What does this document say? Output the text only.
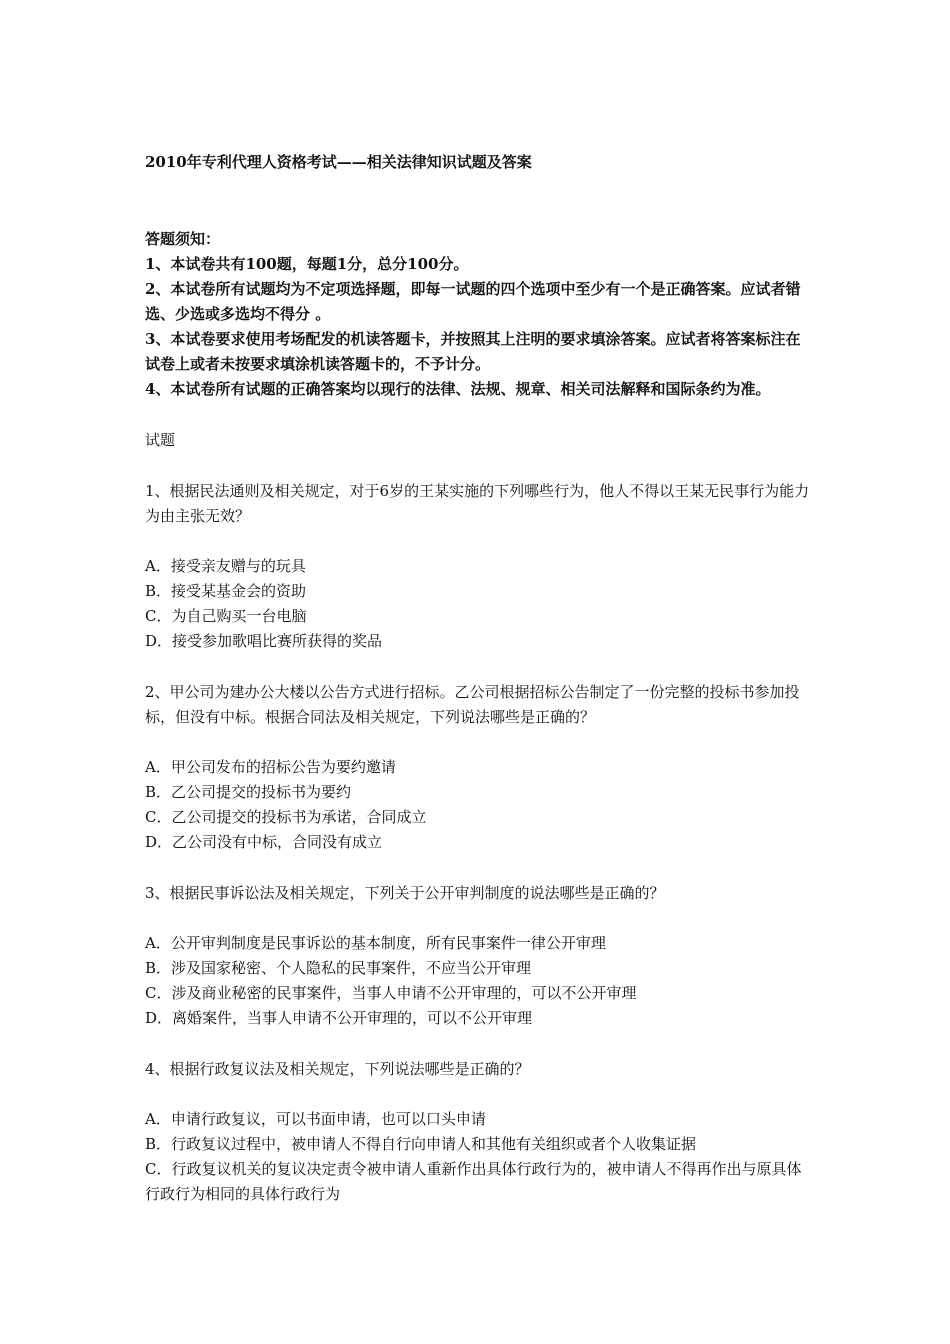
2010年专利代理人资格考试——相关法律知识试题及答案

答题须知：

1、本试卷共有100题，每题1分，总分100分。

2、本试卷所有试题均为不定项选择题，即每一试题的四个选项中至少有一个是正确答案。应试者错选、少选或多选均不得分 。

3、本试卷要求使用考场配发的机读答题卡，并按照其上注明的要求填涂答案。应试者将答案标注在试卷上或者未按要求填涂机读答题卡的，不予计分。

4、本试卷所有试题的正确答案均以现行的法律、法规、规章、相关司法解释和国际条约为准。

试题

1、根据民法通则及相关规定，对于6岁的王某实施的下列哪些行为，他人不得以王某无民事行为能力为由主张无效？

A．接受亲友赠与的玩具

B．接受某基金会的资助

C．为自己购买一台电脑

D．接受参加歌唱比赛所获得的奖品

2、甲公司为建办公大楼以公告方式进行招标。乙公司根据招标公告制定了一份完整的投标书参加投标，但没有中标。根据合同法及相关规定，下列说法哪些是正确的？

A．甲公司发布的招标公告为要约邀请

B．乙公司提交的投标书为要约

C．乙公司提交的投标书为承诺，合同成立

D．乙公司没有中标，合同没有成立

3、根据民事诉讼法及相关规定，下列关于公开审判制度的说法哪些是正确的？

A．公开审判制度是民事诉讼的基本制度，所有民事案件一律公开审理

B．涉及国家秘密、个人隐私的民事案件，不应当公开审理

C．涉及商业秘密的民事案件，当事人申请不公开审理的，可以不公开审理

D．离婚案件，当事人申请不公开审理的，可以不公开审理

4、根据行政复议法及相关规定，下列说法哪些是正确的？

A．申请行政复议，可以书面申请，也可以口头申请

B．行政复议过程中，被申请人不得自行向申请人和其他有关组织或者个人收集证据

C．行政复议机关的复议决定责令被申请人重新作出具体行政行为的，被申请人不得再作出与原具体行政行为相同的具体行政行为
